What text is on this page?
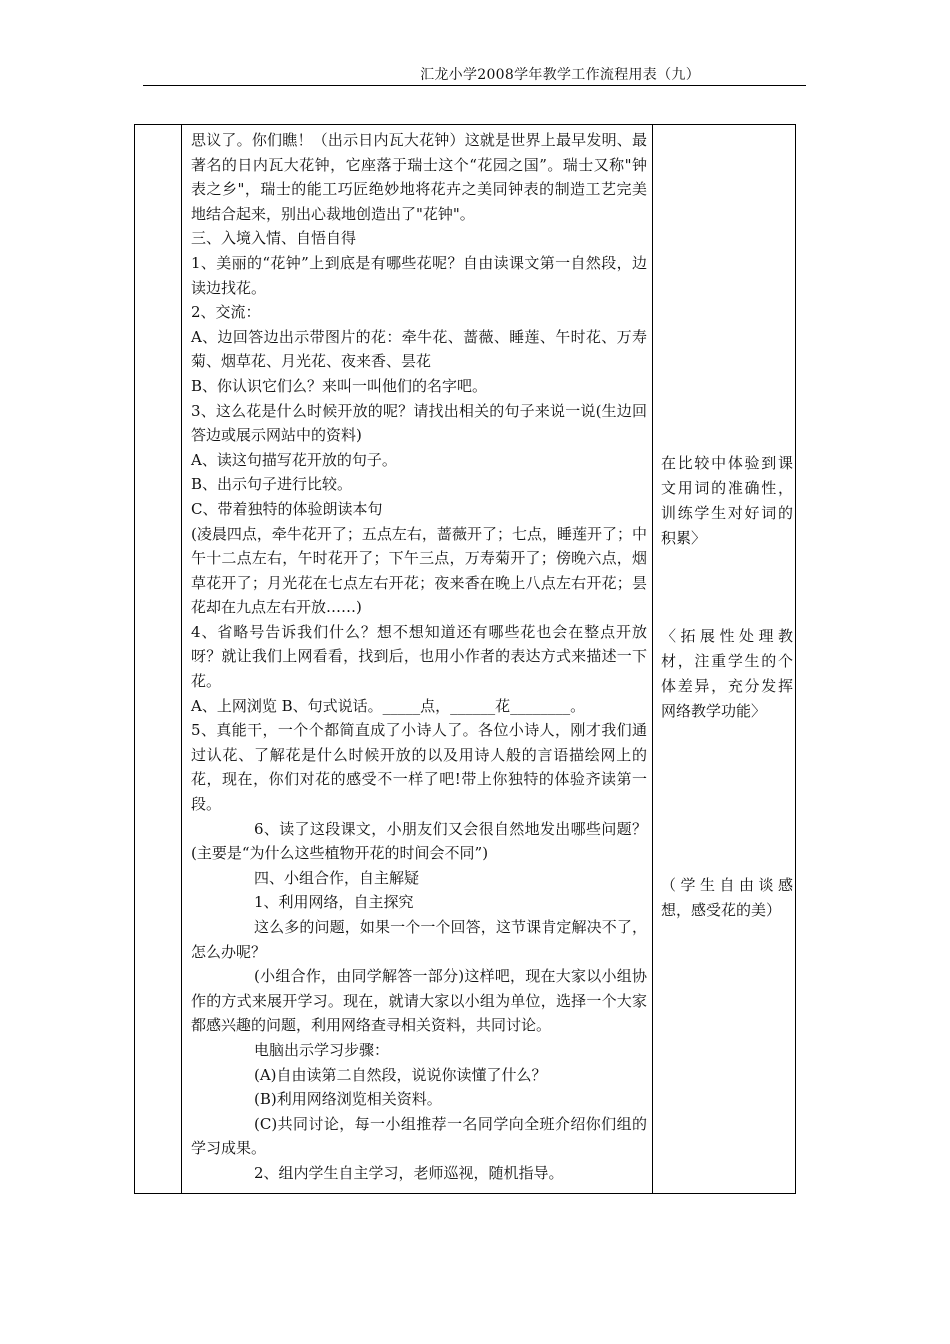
汇龙小学2008学年教学工作流程用表（九）

思议了。你们瞧！（出示日内瓦大花钟）这就是世界上最早发明、最著名的日内瓦大花钟，它座落于瑞士这个“花园之国”。瑞士又称"钟表之乡"，瑞士的能工巧匠绝妙地将花卉之美同钟表的制造工艺完美地结合起来，别出心裁地创造出了"花钟"。

三、入境入情、自悟自得

1、美丽的“花钟”上到底是有哪些花呢？自由读课文第一自然段，边读边找花。

2、交流：

A、边回答边出示带图片的花：牵牛花、蔷薇、睡莲、午时花、万寿菊、烟草花、月光花、夜来香、昙花

B、你认识它们么？来叫一叫他们的名字吧。

3、这么花是什么时候开放的呢？请找出相关的句子来说一说(生边回答边或展示网站中的资料)

A、读这句描写花开放的句子。

B、出示句子进行比较。

C、带着独特的体验朗读本句

(凌晨四点，牵牛花开了；五点左右，蔷薇开了；七点，睡莲开了；中午十二点左右，午时花开了；下午三点，万寿菊开了；傍晚六点，烟草花开了；月光花在七点左右开花；夜来香在晚上八点左右开花；昙花却在九点左右开放……)

4、省略号告诉我们什么？想不想知道还有哪些花也会在整点开放呀？就让我们上网看看，找到后，也用小作者的表达方式来描述一下花。

A、上网浏览 B、句式说话。_____点，______花________。

5、真能干，一个个都简直成了小诗人了。各位小诗人，刚才我们通过认花、了解花是什么时候开放的以及用诗人般的言语描绘网上的花，现在，你们对花的感受不一样了吧!带上你独特的体验齐读第一段。

6、读了这段课文，小朋友们又会很自然地发出哪些问题？(主要是“为什么这些植物开花的时间会不同”)

四、小组合作，自主解疑

1、利用网络，自主探究

这么多的问题，如果一个一个回答，这节课肯定解决不了，怎么办呢？

(小组合作，由同学解答一部分)这样吧，现在大家以小组协作的方式来展开学习。现在，就请大家以小组为单位，选择一个大家都感兴趣的问题，利用网络查寻相关资料，共同讨论。

电脑出示学习步骤：

(A)自由读第二自然段，说说你读懂了什么？

(B)利用网络浏览相关资料。

(C)共同讨论，每一小组推荐一名同学向全班介绍你们组的学习成果。

2、组内学生自主学习，老师巡视，随机指导。

在比较中体验到课文用词的准确性，训练学生对好词的积累〉

〈拓展性处理教材，注重学生的个体差异，充分发挥网络教学功能〉

（学生自由谈感想，感受花的美）
